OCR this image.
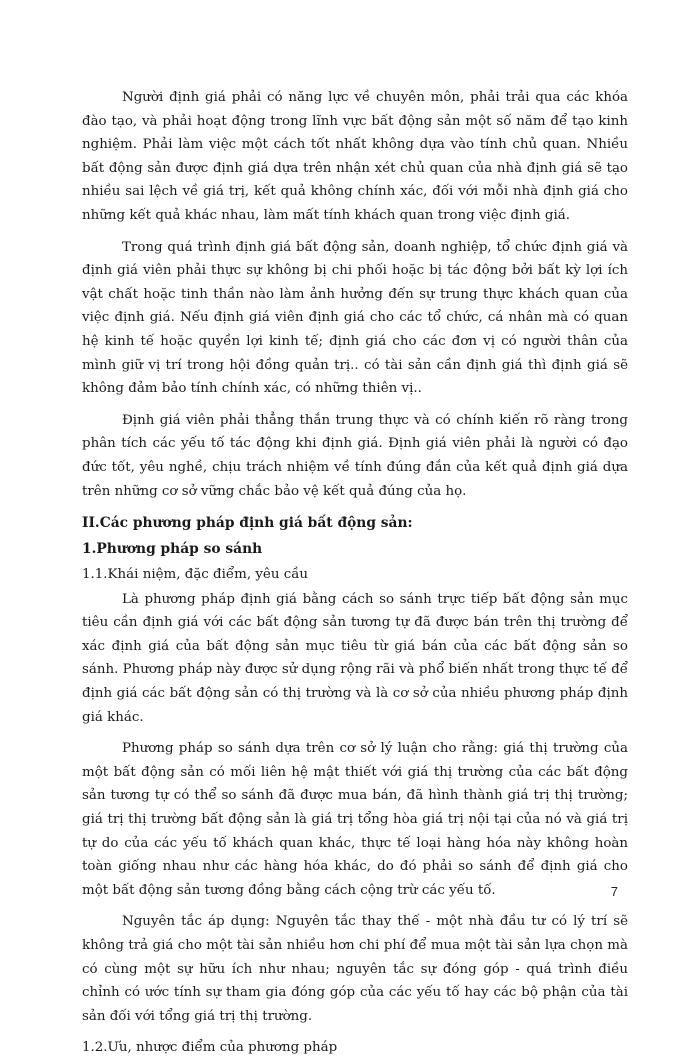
Người định giá phải có năng lực về chuyên môn, phải trải qua các khóa đào tạo, và phải hoạt động trong lĩnh vực bất động sản một số năm để tạo kinh nghiệm. Phải làm việc một cách tốt nhất không dựa vào tính chủ quan. Nhiều bất động sản được định giá dựa trên nhận xét chủ quan của nhà định giá sẽ tạo nhiều sai lệch về giá trị, kết quả không chính xác, đối với mỗi nhà định giá cho những kết quả khác nhau, làm mất tính khách quan trong việc định giá.

Trong quá trình định giá bất động sản, doanh nghiệp, tổ chức định giá và định giá viên phải thực sự không bị chi phối hoặc bị tác động bởi bất kỳ lợi ích vật chất hoặc tinh thần nào làm ảnh hưởng đến sự trung thực khách quan của việc định giá. Nếu định giá viên định giá cho các tổ chức, cá nhân mà có quan hệ kinh tế hoặc quyền lợi kinh tế; định giá cho các đơn vị có người thân của mình giữ vị trí trong hội đồng quản trị.. có tài sản cần định giá thì định giá sẽ không đảm bảo tính chính xác, có những thiên vị..

Định giá viên phải thẳng thắn trung thực và có chính kiến rõ ràng trong phân tích các yếu tố tác động khi định giá. Định giá viên phải là người có đạo đức tốt, yêu nghề, chịu trách nhiệm về tính đúng đắn của kết quả định giá dựa trên những cơ sở vững chắc bảo vệ kết quả đúng của họ.

II.Các phương pháp định giá bất động sản:

1.Phương pháp so sánh

1.1.Khái niệm, đặc điểm, yêu cầu

Là phương pháp định giá bằng cách so sánh trực tiếp bất động sản mục tiêu cần định giá với các bất động sản tương tự đã được bán trên thị trường để xác định giá của bất động sản mục tiêu từ giá bán của các bất động sản so sánh. Phương pháp này được sử dụng rộng rãi và phổ biến nhất trong thực tế để định giá các bất động sản có thị trường và là cơ sở của nhiều phương pháp định giá khác.

Phương pháp so sánh dựa trên cơ sở lý luận cho rằng: giá thị trường của một bất động sản có mối liên hệ mật thiết với giá thị trường của các bất động sản tương tự có thể so sánh đã được mua bán, đã hình thành giá trị thị trường; giá trị thị trường bất động sản là giá trị tổng hòa giá trị nội tại của nó và giá trị tự do của các yếu tố khách quan khác, thực tế loại hàng hóa này không hoàn toàn giống nhau như các hàng hóa khác, do đó phải so sánh để định giá cho một bất động sản tương đồng bằng cách cộng trừ các yếu tố.

Nguyên tắc áp dụng: Nguyên tắc thay thế - một nhà đầu tư có lý trí sẽ không trả giá cho một tài sản nhiều hơn chi phí để mua một tài sản lựa chọn mà có cùng một sự hữu ích như nhau; nguyên tắc sự đóng góp - quá trình điều chỉnh có ước tính sự tham gia đóng góp của các yếu tố hay các bộ phận của tài sản đối với tổng giá trị thị trường.

1.2.Ưu, nhược điểm của phương pháp

7
